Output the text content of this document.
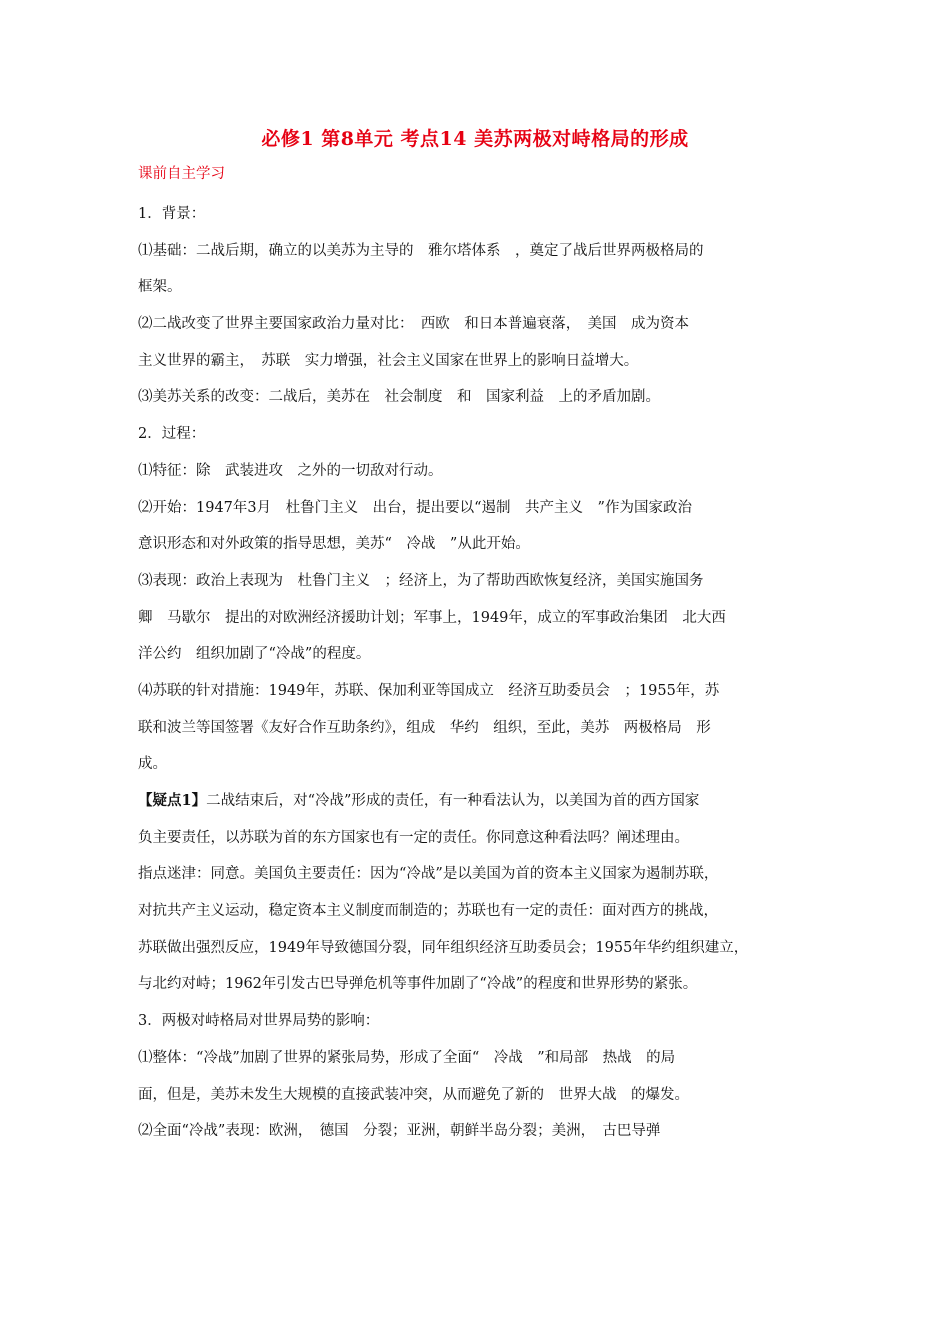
必修1 第8单元 考点14 美苏两极对峙格局的形成
课前自主学习
1．背景：
⑴基础：二战后期，确立的以美苏为主导的　雅尔塔体系　，奠定了战后世界两极格局的
框架。
⑵二战改变了世界主要国家政治力量对比：　西欧　和日本普遍衰落，　美国　成为资本
主义世界的霸主，　苏联　实力增强，社会主义国家在世界上的影响日益增大。
⑶美苏关系的改变：二战后，美苏在　社会制度　和　国家利益　上的矛盾加剧。
2．过程：
⑴特征：除　武装进攻　之外的一切敌对行动。
⑵开始：1947年3月　杜鲁门主义　出台，提出要以“遏制　共产主义　”作为国家政治
意识形态和对外政策的指导思想，美苏“　冷战　”从此开始。
⑶表现：政治上表现为　杜鲁门主义　；经济上，为了帮助西欧恢复经济，美国实施国务
卿　马歇尔　提出的对欧洲经济援助计划；军事上，1949年，成立的军事政治集团　北大西
洋公约　组织加剧了“冷战”的程度。
⑷苏联的针对措施：1949年，苏联、保加利亚等国成立　经济互助委员会　；1955年，苏
联和波兰等国签署《友好合作互助条约》，组成　华约　组织，至此，美苏　两极格局　形
成。
【疑点1】二战结束后，对“冷战”形成的责任，有一种看法认为，以美国为首的西方国家
负主要责任，以苏联为首的东方国家也有一定的责任。你同意这种看法吗？阐述理由。
指点迷津：同意。美国负主要责任：因为“冷战”是以美国为首的资本主义国家为遏制苏联，
对抗共产主义运动，稳定资本主义制度而制造的；苏联也有一定的责任：面对西方的挑战，
苏联做出强烈反应，1949年导致德国分裂，同年组织经济互助委员会；1955年华约组织建立，
与北约对峙；1962年引发古巴导弹危机等事件加剧了“冷战”的程度和世界形势的紧张。
3．两极对峙格局对世界局势的影响：
⑴整体：“冷战”加剧了世界的紧张局势，形成了全面“　冷战　”和局部　热战　的局
面，但是，美苏未发生大规模的直接武装冲突，从而避免了新的　世界大战　的爆发。
⑵全面“冷战”表现：欧洲，　德国　分裂；亚洲，朝鲜半岛分裂；美洲，　古巴导弹
